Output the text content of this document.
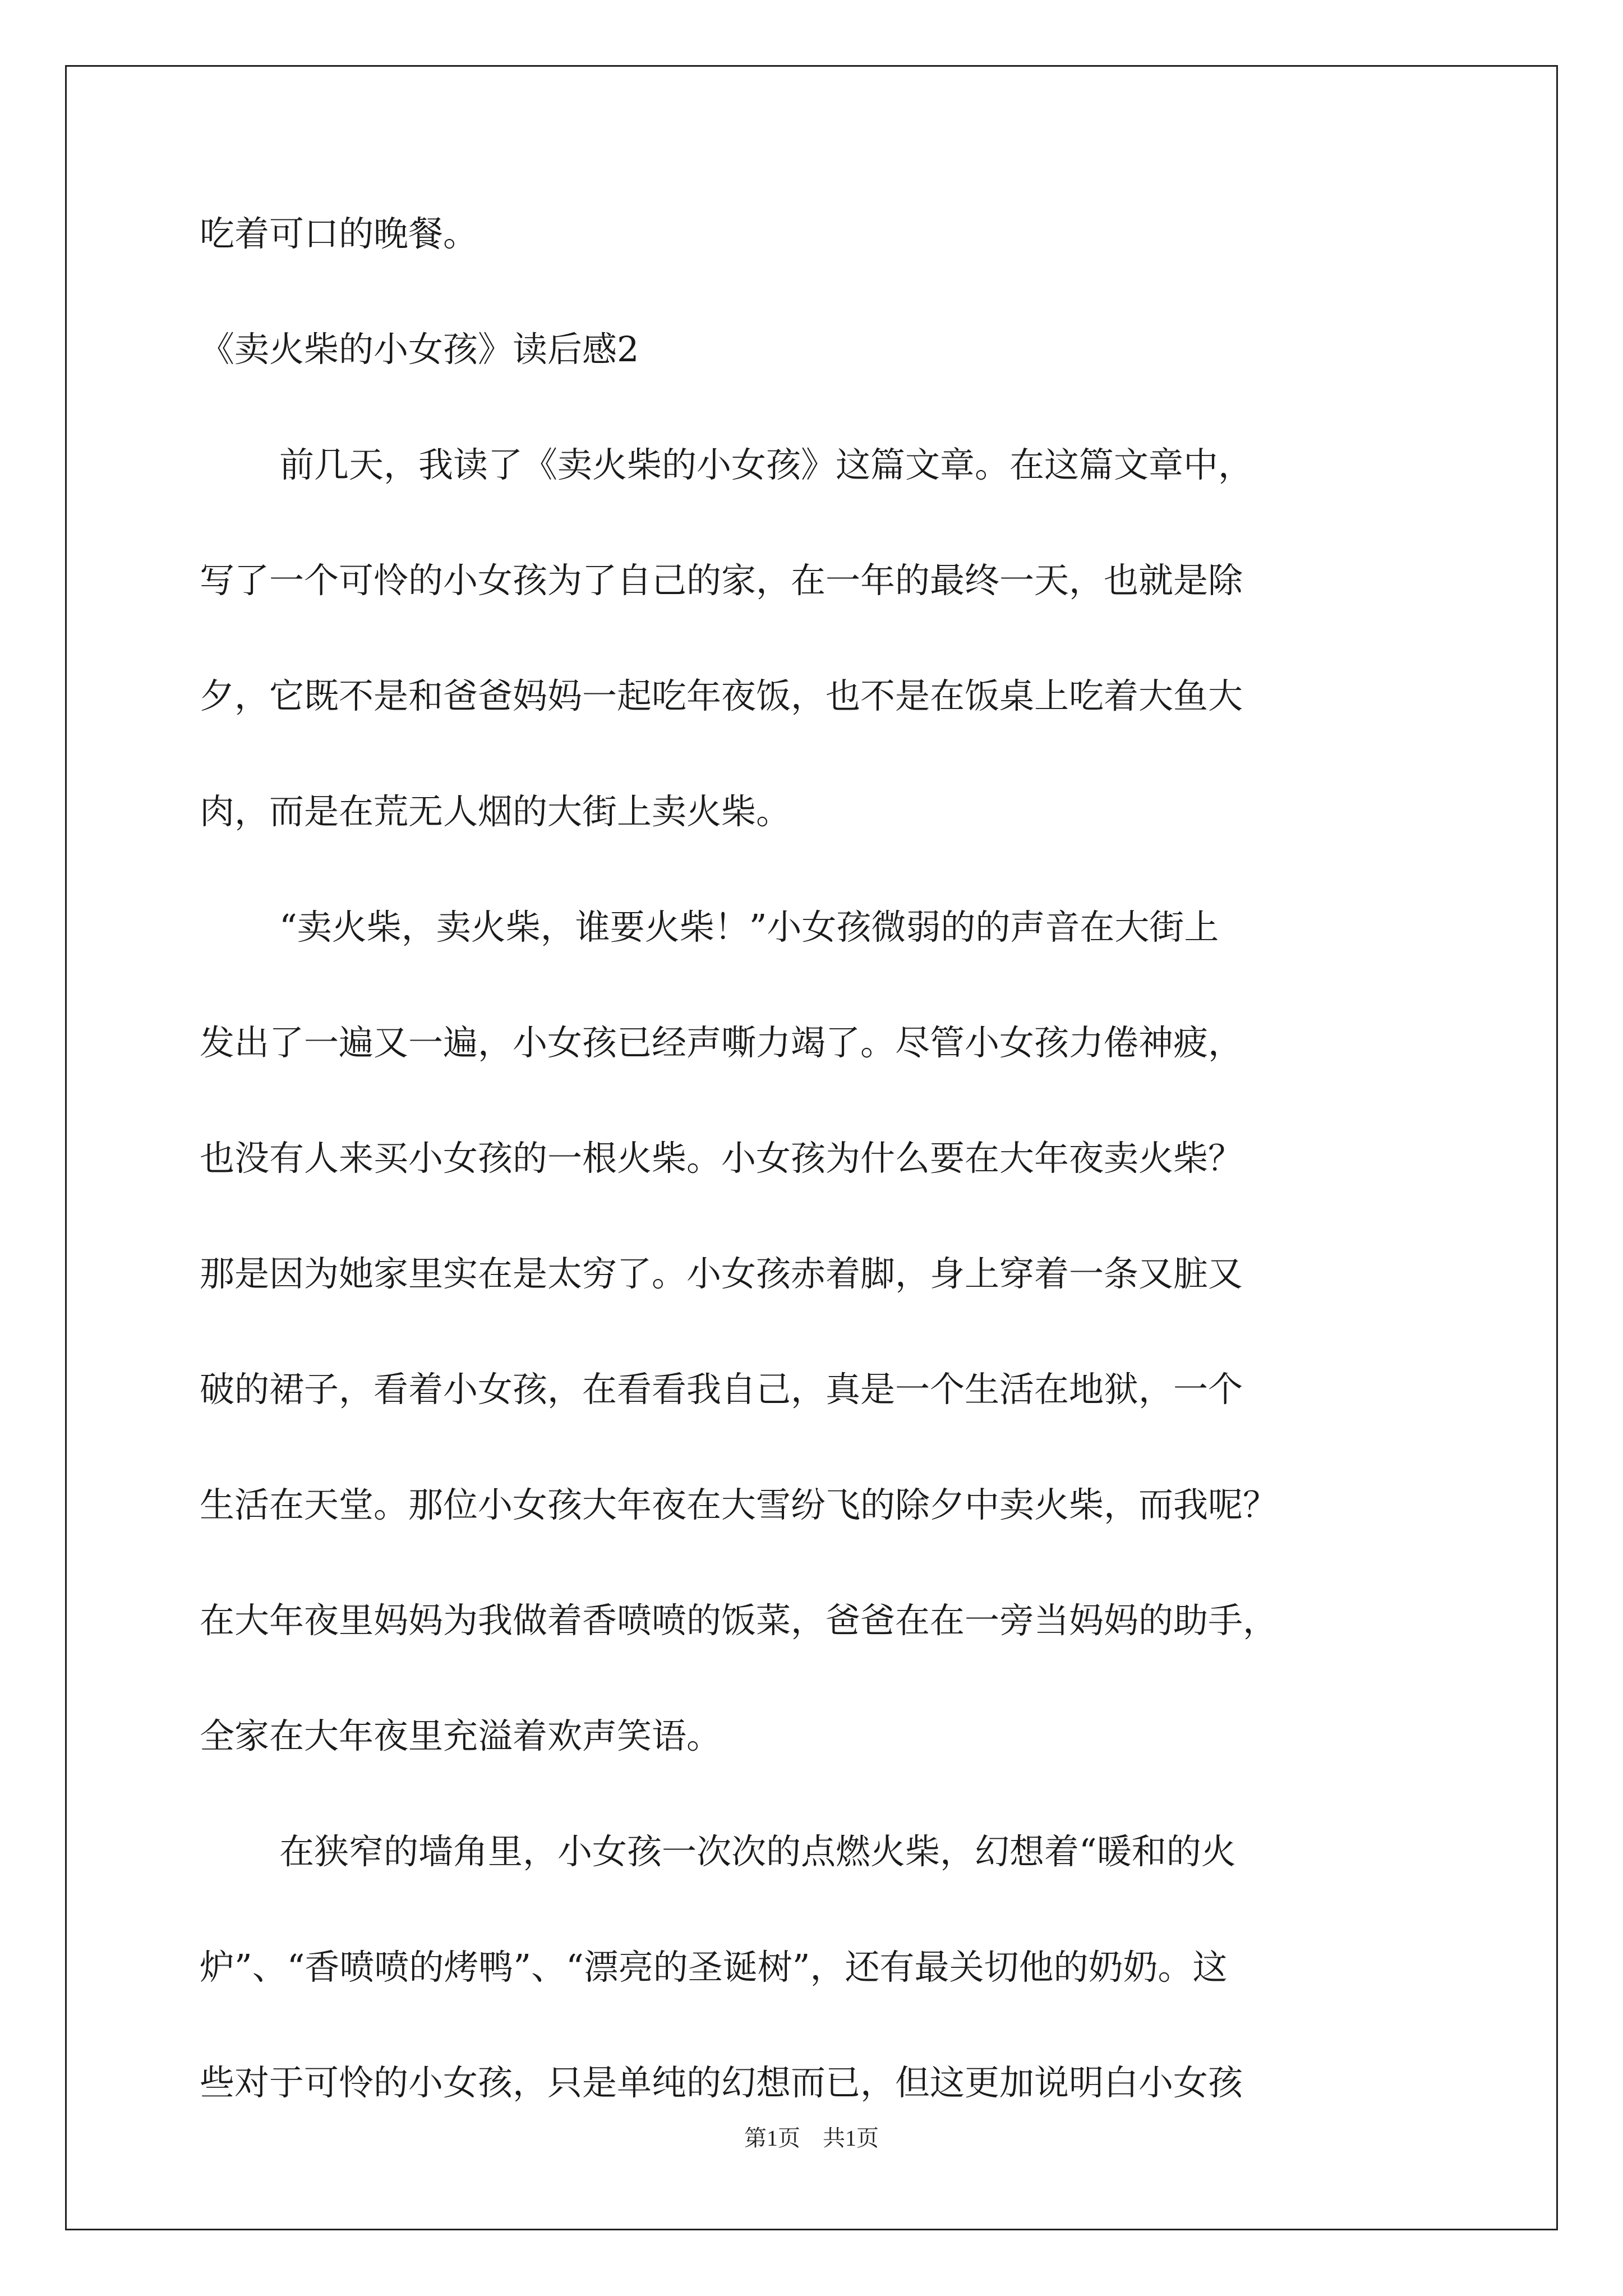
吃着可口的晚餐。

《卖火柴的小女孩》读后感2

前几天，我读了《卖火柴的小女孩》这篇文章。在这篇文章中，

写了一个可怜的小女孩为了自己的家，在一年的最终一天，也就是除

夕，它既不是和爸爸妈妈一起吃年夜饭，也不是在饭桌上吃着大鱼大

肉，而是在荒无人烟的大街上卖火柴。

“卖火柴，卖火柴，谁要火柴！”小女孩微弱的的声音在大街上

发出了一遍又一遍，小女孩已经声嘶力竭了。尽管小女孩力倦神疲，

也没有人来买小女孩的一根火柴。小女孩为什么要在大年夜卖火柴？

那是因为她家里实在是太穷了。小女孩赤着脚，身上穿着一条又脏又

破的裙子，看着小女孩，在看看我自己，真是一个生活在地狱，一个

生活在天堂。那位小女孩大年夜在大雪纷飞的除夕中卖火柴，而我呢？

在大年夜里妈妈为我做着香喷喷的饭菜，爸爸在在一旁当妈妈的助手，

全家在大年夜里充溢着欢声笑语。

在狭窄的墙角里，小女孩一次次的点燃火柴，幻想着“暖和的火

炉”、“香喷喷的烤鸭”、“漂亮的圣诞树”，还有最关切他的奶奶。这

些对于可怜的小女孩，只是单纯的幻想而已，但这更加说明白小女孩

第1页　共1页
